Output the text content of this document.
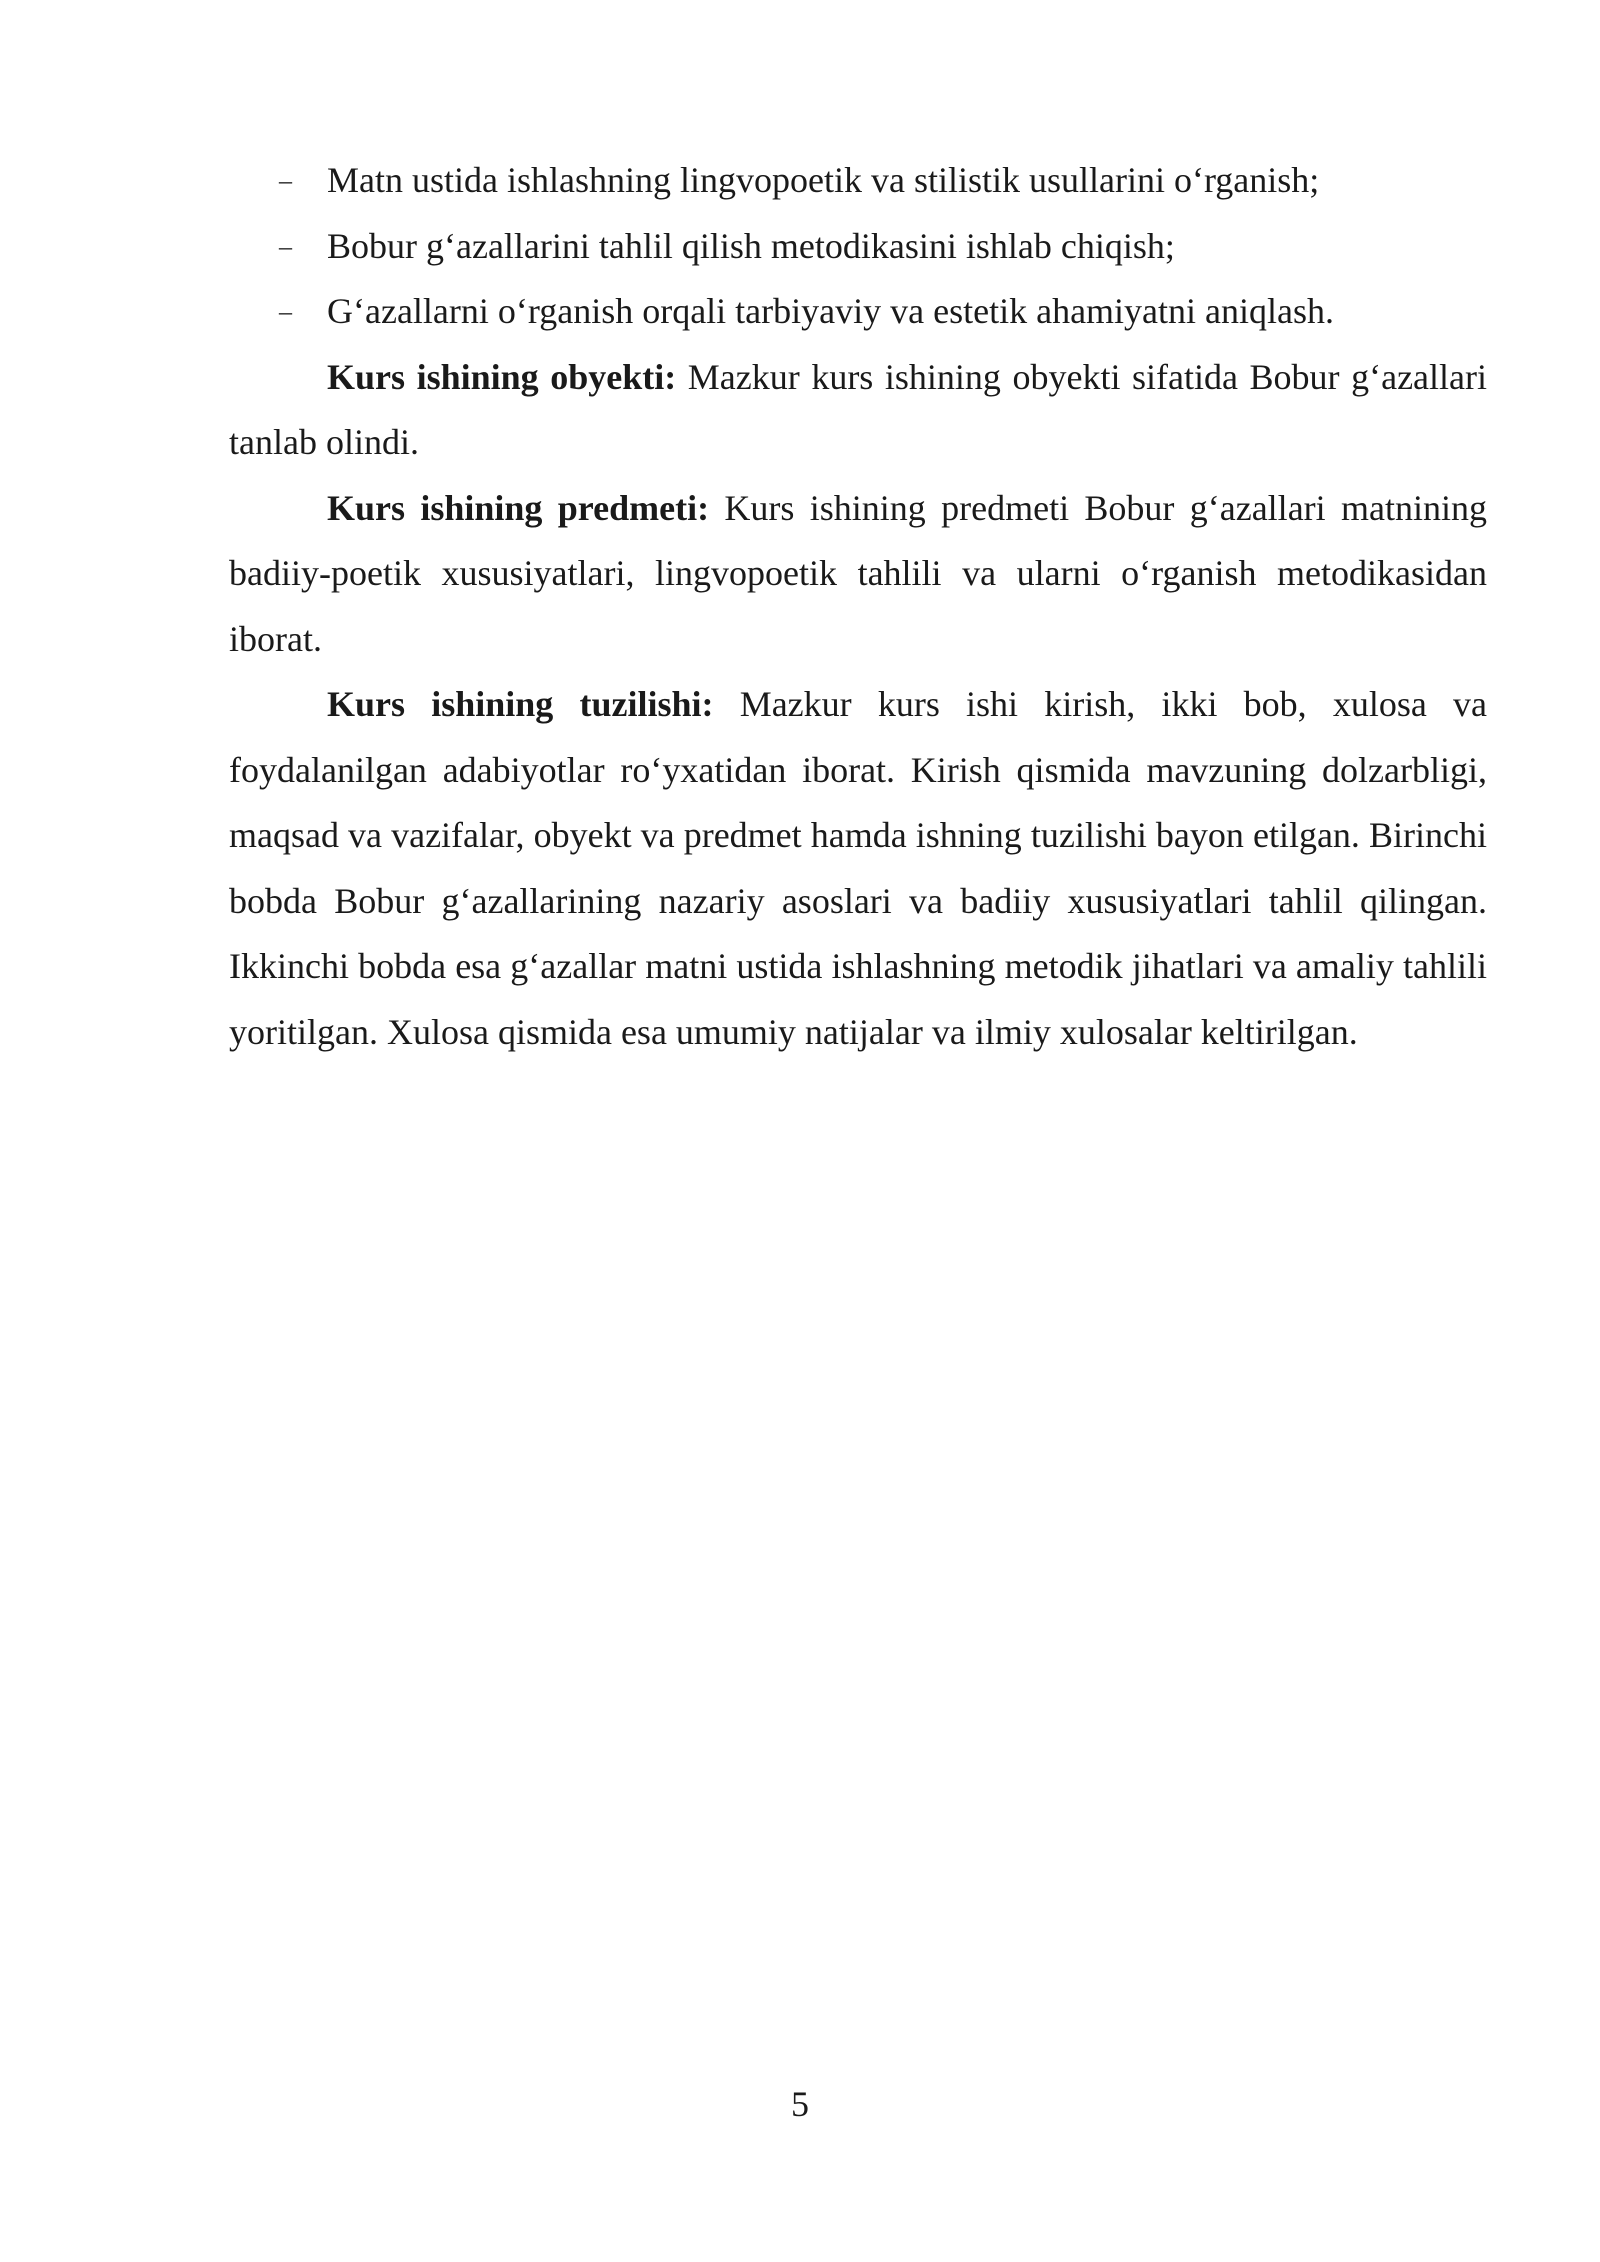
– Matn ustida ishlashning lingvopoetik va stilistik usullarini o‘rganish;

– Bobur g‘azallarini tahlil qilish metodikasini ishlab chiqish;

– G‘azallarni o‘rganish orqali tarbiyaviy va estetik ahamiyatni aniqlash.

Kurs ishining obyekti: Mazkur kurs ishining obyekti sifatida Bobur g‘azallari tanlab olindi.

Kurs ishining predmeti: Kurs ishining predmeti Bobur g‘azallari matnining badiiy-poetik xususiyatlari, lingvopoetik tahlili va ularni o‘rganish metodikasidan iborat.

Kurs ishining tuzilishi: Mazkur kurs ishi kirish, ikki bob, xulosa va foydalanilgan adabiyotlar ro‘yxatidan iborat. Kirish qismida mavzuning dolzarbligi, maqsad va vazifalar, obyekt va predmet hamda ishning tuzilishi bayon etilgan. Birinchi bobda Bobur g‘azallarining nazariy asoslari va badiiy xususiyatlari tahlil qilingan. Ikkinchi bobda esa g‘azallar matni ustida ishlashning metodik jihatlari va amaliy tahlili yoritilgan. Xulosa qismida esa umumiy natijalar va ilmiy xulosalar keltirilgan.

5
